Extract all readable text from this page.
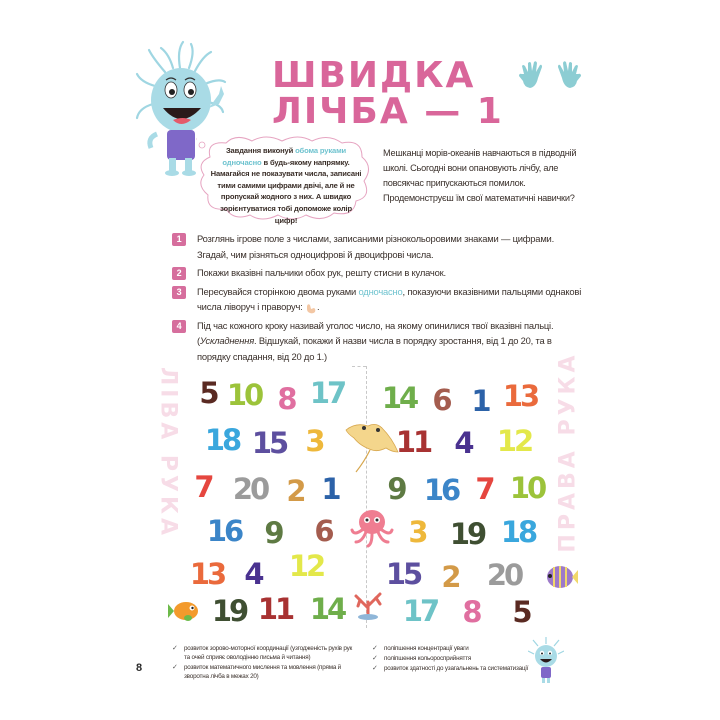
ШВИДКА
ЛІЧБА — 1
Завдання виконуй обома руками одночасно в будь-якому напрямку. Намагайся не показувати числа, записані тими самими цифрами двічі, але й не пропускай жодного з них. А швидко зорієнтуватися тобі допоможе колір цифр!
Мешканці морів-океанів навчаються в підводній школі. Сьогодні вони опановують лічбу, але повсякчас припускаються помилок. Продемонструєш їм свої математичні навички?
1	Розглянь ігрове поле з числами, записаними різнокольоровими знаками — цифрами. Згадай, чим різняться одноцифрові й двоцифрові числа.
2	Покажи вказівні пальчики обох рук, решту стисни в кулачок.
3	Пересувайся сторінкою двома руками одночасно, показуючи вказівними пальцями однакові числа ліворуч і праворуч: .
4	Під час кожного кроку називай уголос число, на якому опинилися твої вказівні пальці.
(Ускладнення. Відшукай, покажи й назви числа в порядку зростання, від 1 до 20, та в порядку спадання, від 20 до 1.)
ЛІВА РУКА	ПРАВА РУКА
5 10 8 17
18 15 3
7 20 2 1
16 9 6
13 4 12
19 11 14
14 6 1 13
11 4 12
9 16 7 10
3 19 18
15 2 20
17 8 5
8
✓ розвиток зорово-моторної координації (узгодженість рухів рук та очей сприяє оволодінню письма й читання)
✓ розвиток математичного мислення та мовлення (пряма й зворотна лічба в межах 20)
✓ поліпшення концентрації уваги
✓ поліпшення кольоросприйняття
✓ розвиток здатності до узагальнень та систематизації
